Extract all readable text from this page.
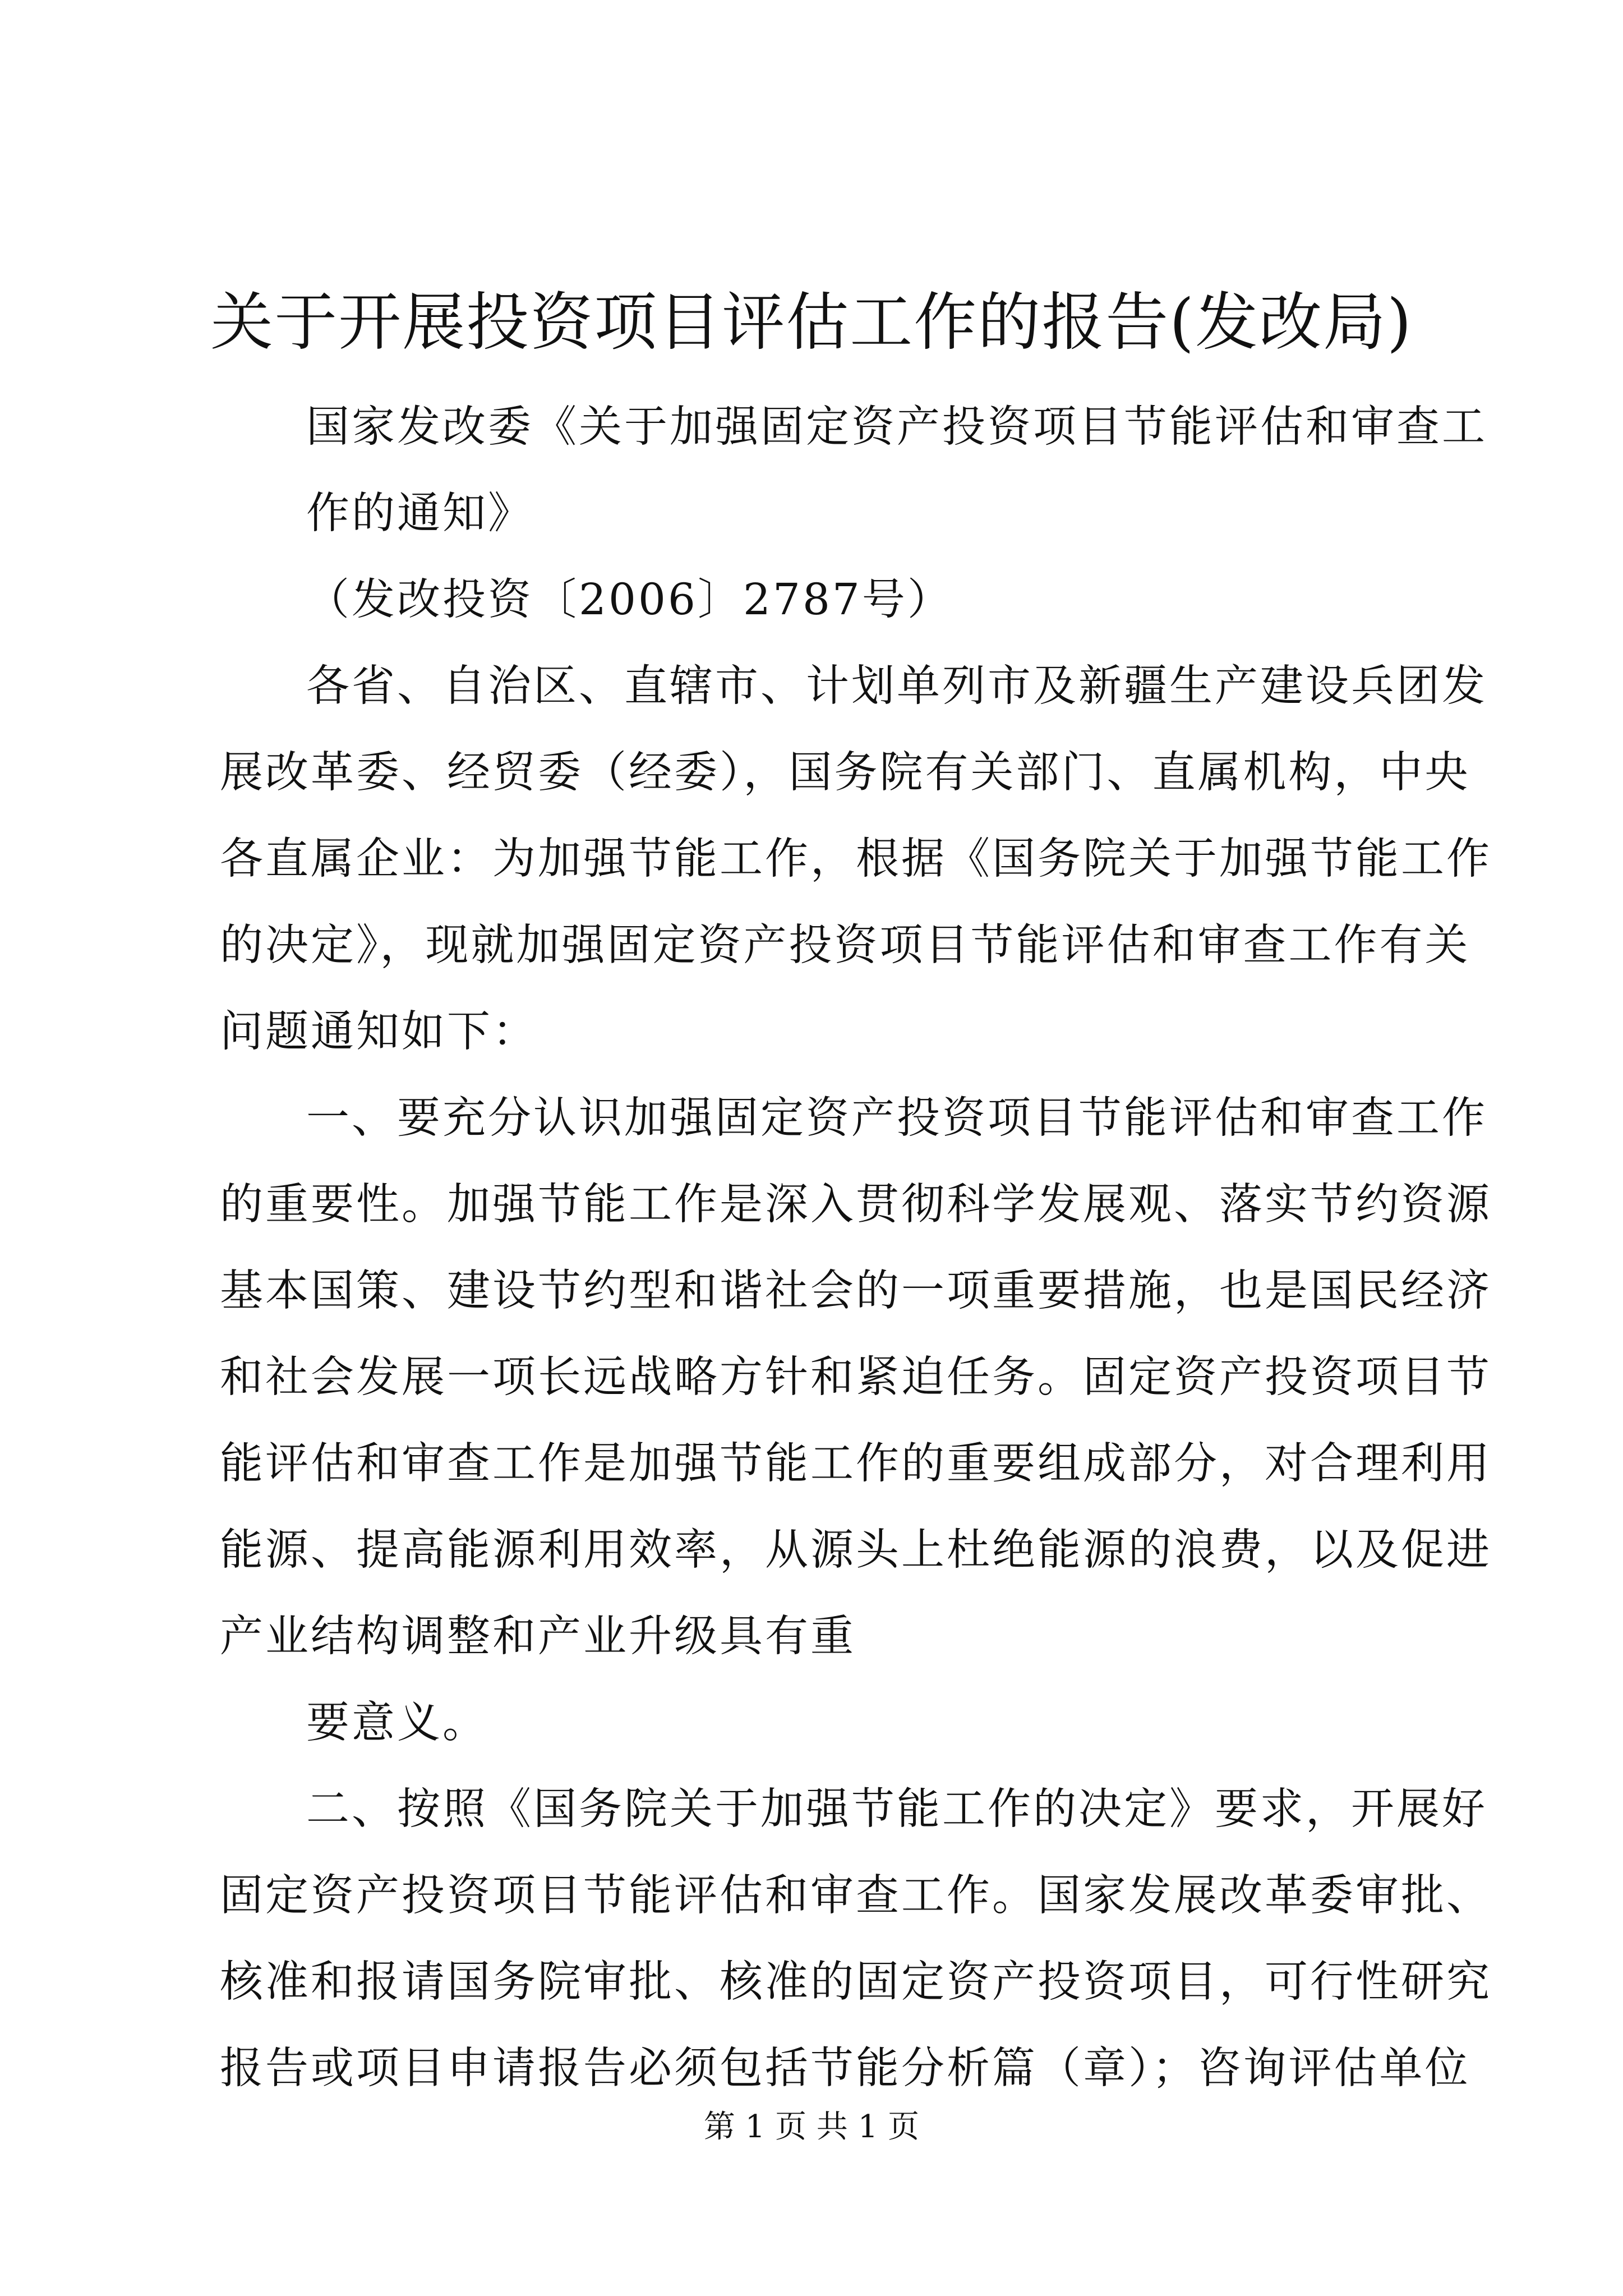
关于开展投资项目评估工作的报告(发改局)
国家发改委《关于加强固定资产投资项目节能评估和审查工
作的通知》
（发改投资〔2006〕2787号）
各省、自治区、直辖市、计划单列市及新疆生产建设兵团发
展改革委、经贸委（经委），国务院有关部门、直属机构，中央
各直属企业：为加强节能工作，根据《国务院关于加强节能工作
的决定》，现就加强固定资产投资项目节能评估和审查工作有关
问题通知如下：
一、要充分认识加强固定资产投资项目节能评估和审查工作
的重要性。加强节能工作是深入贯彻科学发展观、落实节约资源
基本国策、建设节约型和谐社会的一项重要措施，也是国民经济
和社会发展一项长远战略方针和紧迫任务。固定资产投资项目节
能评估和审查工作是加强节能工作的重要组成部分，对合理利用
能源、提高能源利用效率，从源头上杜绝能源的浪费，以及促进
产业结构调整和产业升级具有重
要意义。
二、按照《国务院关于加强节能工作的决定》要求，开展好
固定资产投资项目节能评估和审查工作。国家发展改革委审批、
核准和报请国务院审批、核准的固定资产投资项目，可行性研究
报告或项目申请报告必须包括节能分析篇（章）；咨询评估单位
第 1 页 共 1 页
